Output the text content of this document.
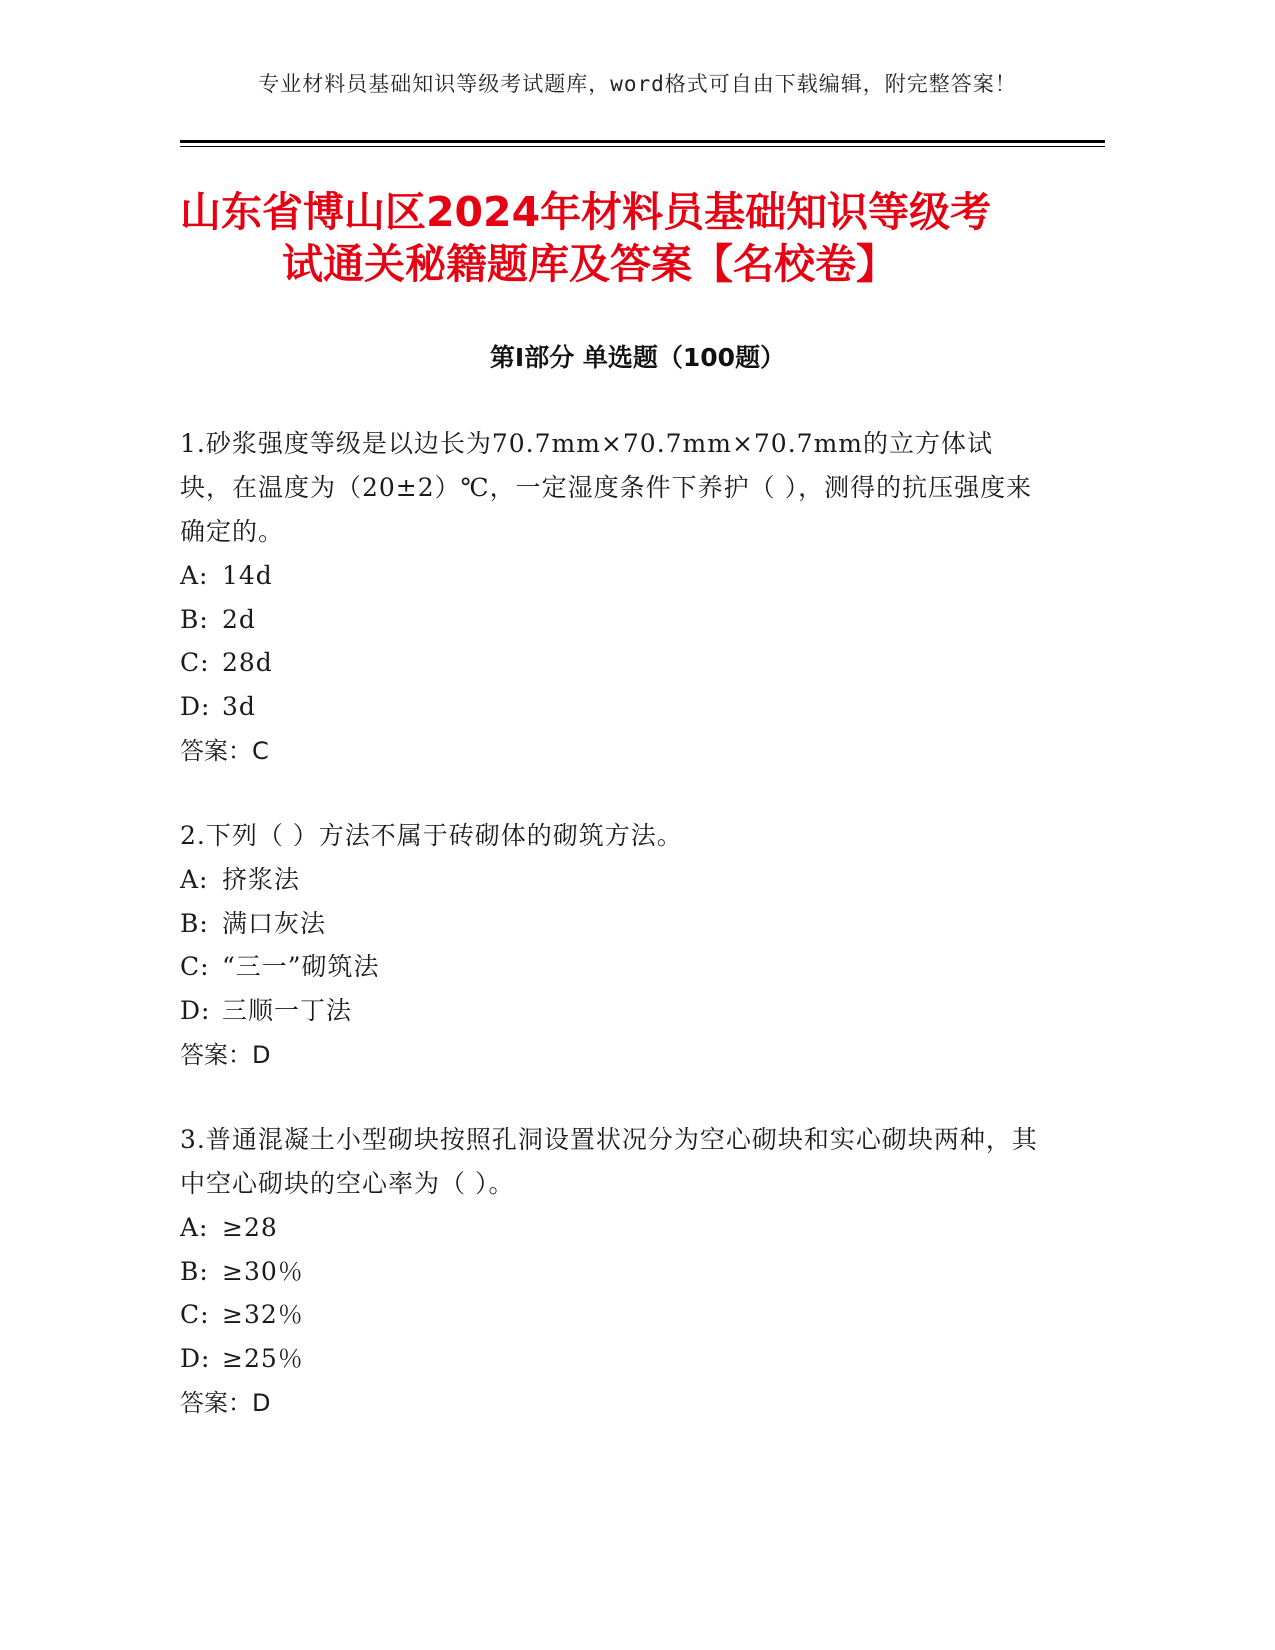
专业材料员基础知识等级考试题库，word格式可自由下载编辑，附完整答案！
山东省博山区2024年材料员基础知识等级考
试通关秘籍题库及答案【名校卷】
第Ⅰ部分 单选题（100题）

1.砂浆强度等级是以边长为70.7mm×70.7mm×70.7mm的立方体试块，在温度为（20±2）℃，一定湿度条件下养护（ ），测得的抗压强度来确定的。

A: 14d

B: 2d

C: 28d

D: 3d

答案：C

2.下列（ ）方法不属于砖砌体的砌筑方法。

A: 挤浆法

B: 满口灰法

C: “三一”砌筑法

D: 三顺一丁法

答案：D

3.普通混凝土小型砌块按照孔洞设置状况分为空心砌块和实心砌块两种，其中空心砌块的空心率为（ ）。

A: ≥28

B: ≥30％

C: ≥32％

D: ≥25％

答案：D
